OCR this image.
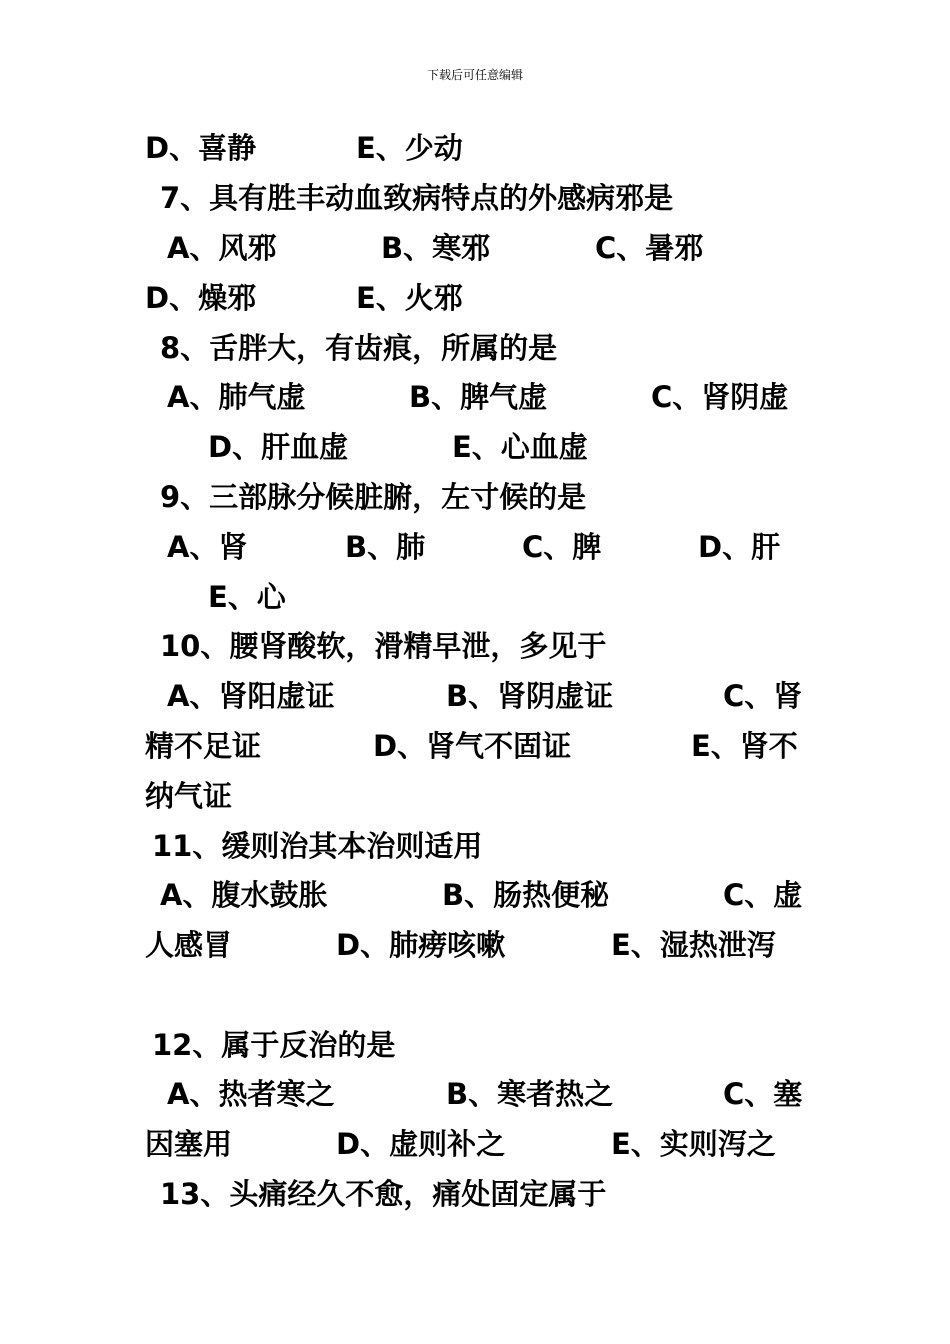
下载后可任意编辑
D、喜静	E、少动
7、具有胜丰动血致病特点的外感病邪是
A、风邪	B、寒邪	C、暑邪
D、燥邪	E、火邪
8、舌胖大，有齿痕，所属的是
A、肺气虚	B、脾气虚	C、肾阴虚
D、肝血虚	E、心血虚
9、三部脉分候脏腑，左寸候的是
A、肾	B、肺	C、脾	D、肝
E、心
10、腰肾酸软，滑精早泄，多见于
A、肾阳虚证	B、肾阴虚证	C、肾
精不足证	D、肾气不固证	E、肾不
纳气证
11、缓则治其本治则适用
A、腹水鼓胀	B、肠热便秘	C、虚
人感冒	D、肺痨咳嗽	E、湿热泄泻
12、属于反治的是
A、热者寒之	B、寒者热之	C、塞
因塞用	D、虚则补之	E、实则泻之
13、头痛经久不愈，痛处固定属于
